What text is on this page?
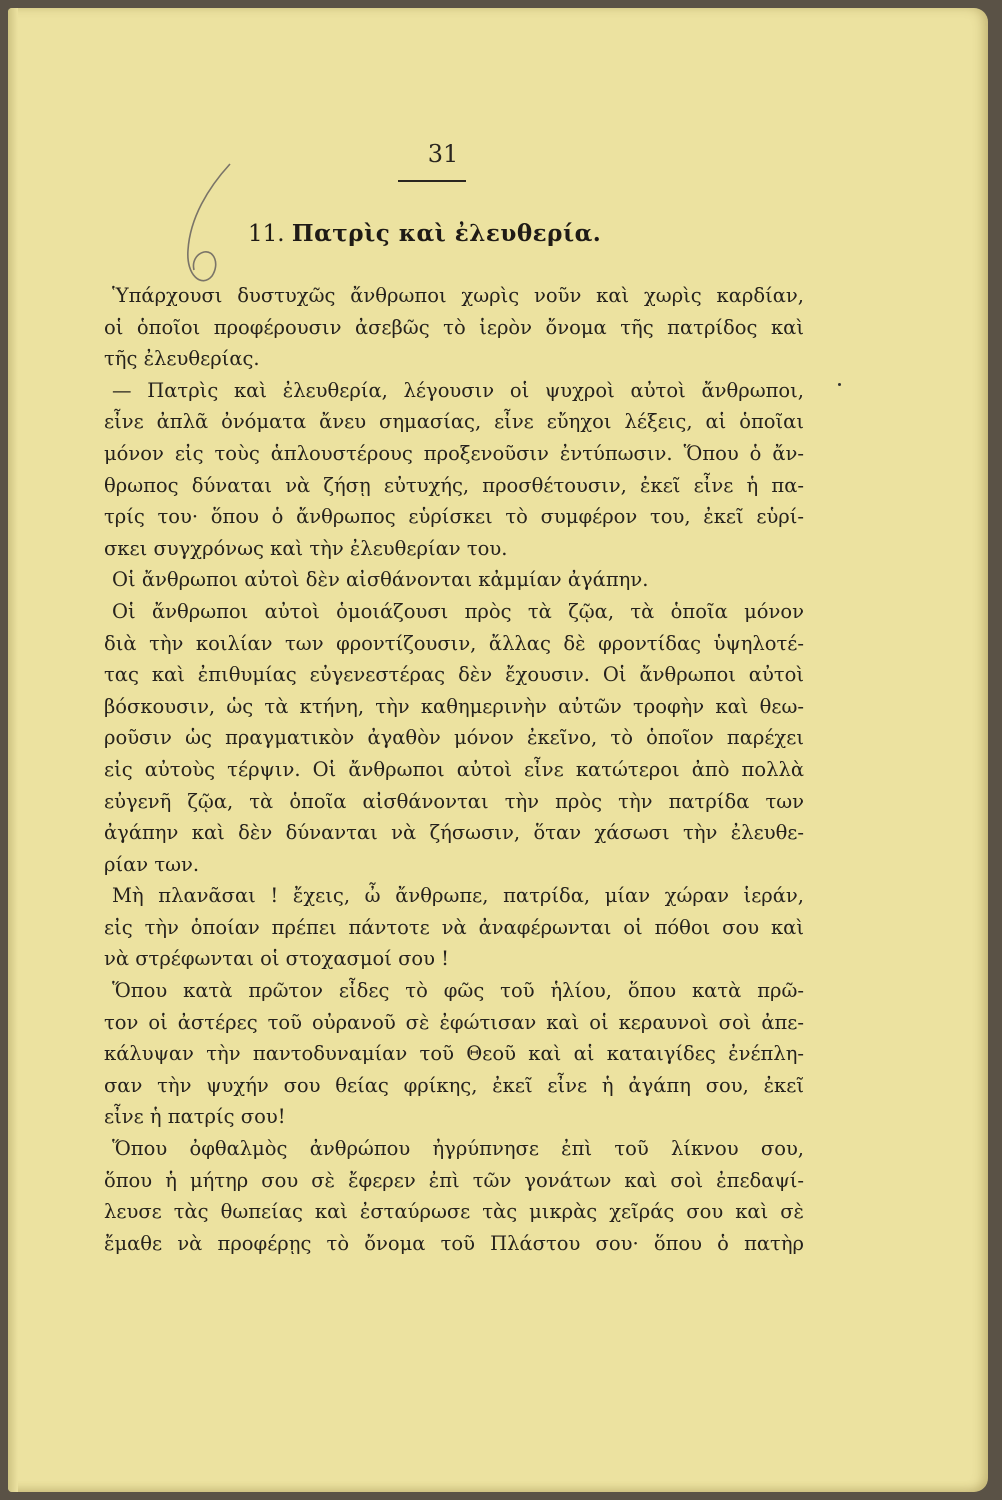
31
11. Πατρὶς καὶ ἐλευθερία.
Ὑπάρχουσι δυστυχῶς ἄνθρωποι χωρὶς νοῦν καὶ χωρὶς καρδίαν,
οἱ ὁποῖοι προφέρουσιν ἀσεβῶς τὸ ἱερὸν ὄνομα τῆς πατρίδος καὶ
τῆς ἐλευθερίας.
— Πατρὶς καὶ ἐλευθερία, λέγουσιν οἱ ψυχροὶ αὐτοὶ ἄνθρωποι,
εἶνε ἀπλᾶ ὀνόματα ἄνευ σημασίας, εἶνε εὔηχοι λέξεις, αἱ ὁποῖαι
μόνον εἰς τοὺς ἁπλουστέρους προξενοῦσιν ἐντύπωσιν. Ὅπου ὁ ἄν-
θρωπος δύναται νὰ ζήσῃ εὐτυχής, προσθέτουσιν, ἐκεῖ εἶνε ἡ πα-
τρίς του· ὅπου ὁ ἄνθρωπος εὑρίσκει τὸ συμφέρον του, ἐκεῖ εὑρί-
σκει συγχρόνως καὶ τὴν ἐλευθερίαν του.
Οἱ ἄνθρωποι αὐτοὶ δὲν αἰσθάνονται κἀμμίαν ἀγάπην.
Οἱ ἄνθρωποι αὐτοὶ ὁμοιάζουσι πρὸς τὰ ζῷα, τὰ ὁποῖα μόνον
διὰ τὴν κοιλίαν των φροντίζουσιν, ἄλλας δὲ φροντίδας ὑψηλοτέ-
τας καὶ ἐπιθυμίας εὐγενεστέρας δὲν ἔχουσιν. Οἱ ἄνθρωποι αὐτοὶ
βόσκουσιν, ὡς τὰ κτήνη, τὴν καθημερινὴν αὐτῶν τροφὴν καὶ θεω-
ροῦσιν ὡς πραγματικὸν ἀγαθὸν μόνον ἐκεῖνο, τὸ ὁποῖον παρέχει
εἰς αὐτοὺς τέρψιν. Οἱ ἄνθρωποι αὐτοὶ εἶνε κατώτεροι ἀπὸ πολλὰ
εὐγενῆ ζῷα, τὰ ὁποῖα αἰσθάνονται τὴν πρὸς τὴν πατρίδα των
ἀγάπην καὶ δὲν δύνανται νὰ ζήσωσιν, ὅταν χάσωσι τὴν ἐλευθε-
ρίαν των.
Μὴ πλανᾶσαι ! ἔχεις, ὦ ἄνθρωπε, πατρίδα, μίαν χώραν ἱεράν,
εἰς τὴν ὁποίαν πρέπει πάντοτε νὰ ἀναφέρωνται οἱ πόθοι σου καὶ
νὰ στρέφωνται οἱ στοχασμοί σου !
Ὅπου κατὰ πρῶτον εἶδες τὸ φῶς τοῦ ἡλίου, ὅπου κατὰ πρῶ-
τον οἱ ἀστέρες τοῦ οὐρανοῦ σὲ ἐφώτισαν καὶ οἱ κεραυνοὶ σοὶ ἀπε-
κάλυψαν τὴν παντοδυναμίαν τοῦ Θεοῦ καὶ αἱ καταιγίδες ἐνέπλη-
σαν τὴν ψυχήν σου θείας φρίκης, ἐκεῖ εἶνε ἡ ἀγάπη σου, ἐκεῖ
εἶνε ἡ πατρίς σου!
Ὅπου ὀφθαλμὸς ἀνθρώπου ἠγρύπνησε ἐπὶ τοῦ λίκνου σου,
ὅπου ἡ μήτηρ σου σὲ ἔφερεν ἐπὶ τῶν γονάτων καὶ σοὶ ἐπεδαψί-
λευσε τὰς θωπείας καὶ ἐσταύρωσε τὰς μικρὰς χεῖράς σου καὶ σὲ
ἔμαθε νὰ προφέρῃς τὸ ὄνομα τοῦ Πλάστου σου· ὅπου ὁ πατὴρ
